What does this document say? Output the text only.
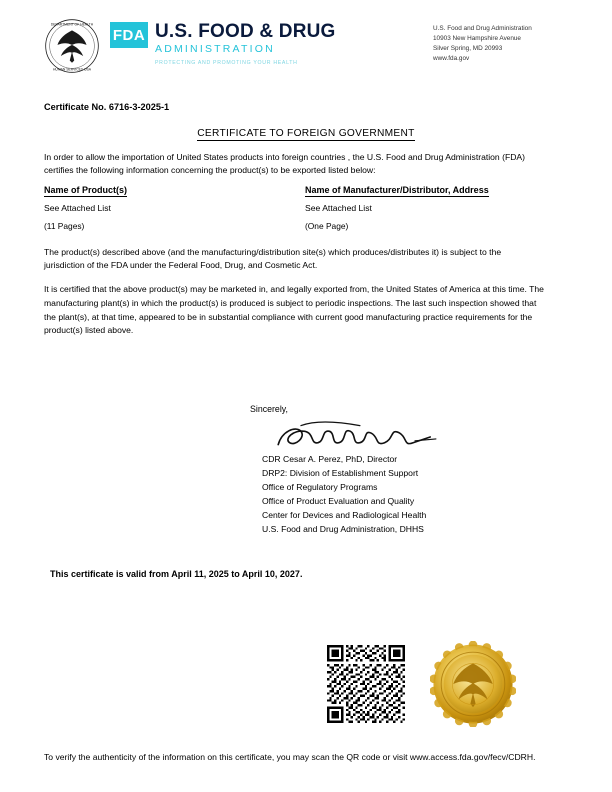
DEPARTMENT OF HEALTH
HUMAN SERVICES USA
FDA U.S. FOOD & DRUG
ADMINISTRATION
PROTECTING AND PROMOTING YOUR HEALTH
U.S. Food and Drug Administration
10903 New Hampshire Avenue
Silver Spring, MD 20993
www.fda.gov
Certificate No. 6716-3-2025-1
CERTIFICATE TO FOREIGN GOVERNMENT
In order to allow the importation of United States products into foreign countries , the U.S. Food and Drug Administration (FDA) certifies the following information concerning the product(s) to be exported listed below:
Name of Product(s)	Name of Manufacturer/Distributor, Address
See Attached List	See Attached List
(11 Pages)	(One Page)
The product(s) described above (and the manufacturing/distribution site(s) which produces/distributes it) is subject to the jurisdiction of the FDA under the Federal Food, Drug, and Cosmetic Act.
It is certified that the above product(s) may be marketed in, and legally exported from, the United States of America at this time. The manufacturing plant(s) in which the product(s) is produced is subject to periodic inspections. The last such inspection showed that the plant(s), at that time, appeared to be in substantial compliance with current good manufacturing practice requirements for the product(s) listed above.
Sincerely,
CDR Cesar A. Perez, PhD, Director
DRP2: Division of Establishment Support
Office of Regulatory Programs
Office of Product Evaluation and Quality
Center for Devices and Radiological Health
U.S. Food and Drug Administration, DHHS
This certificate is valid from April 11, 2025 to April 10, 2027.
To verify the authenticity of the information on this certificate, you may scan the QR code or visit www.access.fda.gov/fecv/CDRH.
